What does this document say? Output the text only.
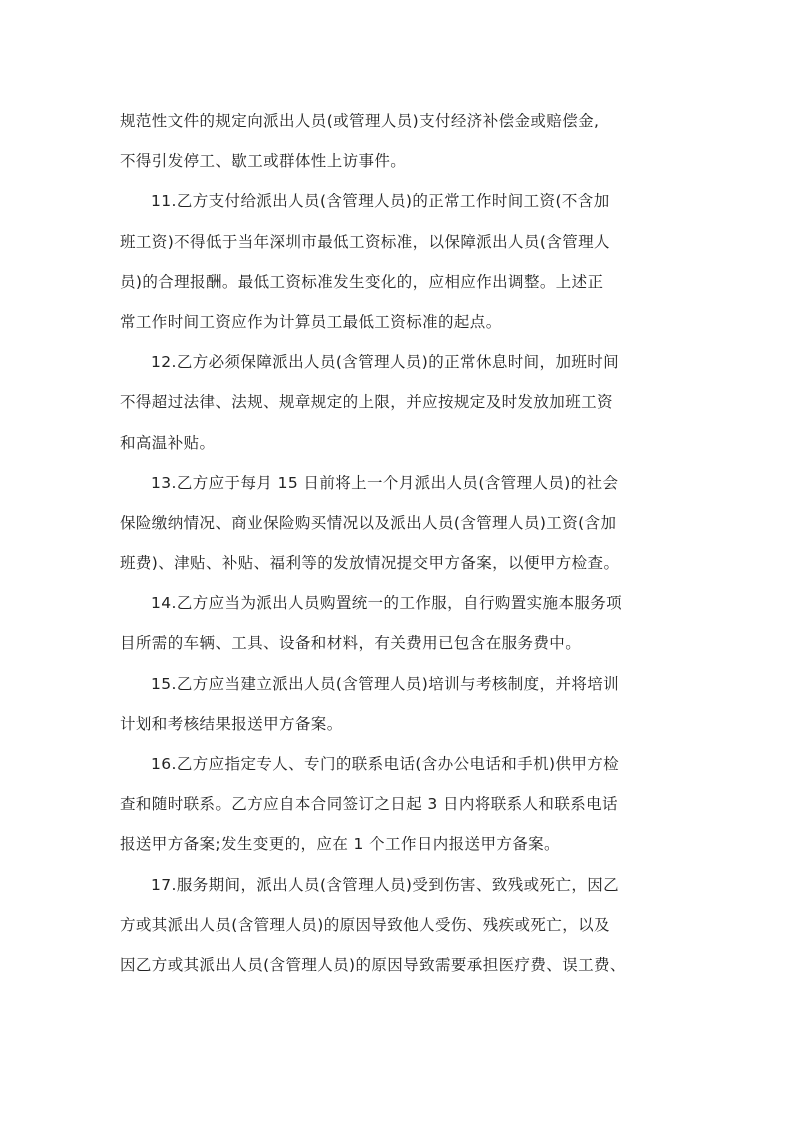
规范性文件的规定向派出人员(或管理人员)支付经济补偿金或赔偿金,
不得引发停工、歇工或群体性上访事件。
11.乙方支付给派出人员(含管理人员)的正常工作时间工资(不含加
班工资)不得低于当年深圳市最低工资标准，以保障派出人员(含管理人
员)的合理报酬。最低工资标准发生变化的，应相应作出调整。上述正
常工作时间工资应作为计算员工最低工资标准的起点。
12.乙方必须保障派出人员(含管理人员)的正常休息时间，加班时间
不得超过法律、法规、规章规定的上限，并应按规定及时发放加班工资
和高温补贴。
13.乙方应于每月 15 日前将上一个月派出人员(含管理人员)的社会
保险缴纳情况、商业保险购买情况以及派出人员(含管理人员)工资(含加
班费)、津贴、补贴、福利等的发放情况提交甲方备案，以便甲方检查。
14.乙方应当为派出人员购置统一的工作服，自行购置实施本服务项
目所需的车辆、工具、设备和材料，有关费用已包含在服务费中。
15.乙方应当建立派出人员(含管理人员)培训与考核制度，并将培训
计划和考核结果报送甲方备案。
16.乙方应指定专人、专门的联系电话(含办公电话和手机)供甲方检
查和随时联系。乙方应自本合同签订之日起 3 日内将联系人和联系电话
报送甲方备案;发生变更的，应在 1 个工作日内报送甲方备案。
17.服务期间，派出人员(含管理人员)受到伤害、致残或死亡，因乙
方或其派出人员(含管理人员)的原因导致他人受伤、残疾或死亡，以及
因乙方或其派出人员(含管理人员)的原因导致需要承担医疗费、误工费、
